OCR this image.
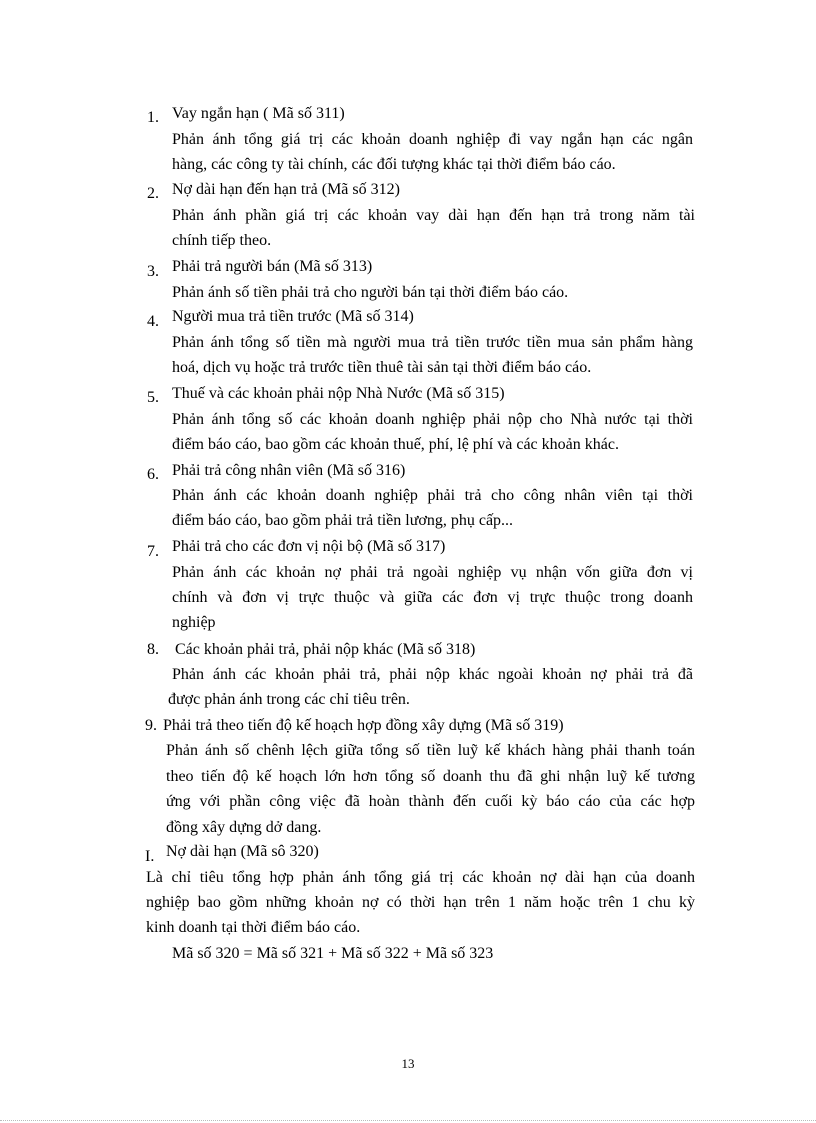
1. Vay ngắn hạn ( Mã số 311)
Phản ánh tổng giá trị các khoản doanh nghiệp đi vay ngắn hạn các ngân
hàng, các công ty tài chính, các đối tượng khác tại thời điểm báo cáo.
2. Nợ dài hạn đến hạn trả (Mã số 312)
Phản ánh phần giá trị các khoản vay dài hạn đến hạn trả trong năm tài
chính tiếp theo.
3. Phải trả người bán (Mã số 313)
Phản ánh số tiền phải trả cho người bán tại thời điểm báo cáo.
4. Người mua trả tiền trước (Mã số 314)
Phản ánh tổng số tiền mà người mua trả tiền trước tiền mua sản phẩm hàng
hoá, dịch vụ hoặc trả trước tiền thuê tài sản tại thời điểm báo cáo.
5. Thuế và các khoản phải nộp Nhà Nước (Mã số 315)
Phản ánh tổng số các khoản doanh nghiệp phải nộp cho Nhà nước tại thời
điểm báo cáo, bao gồm các khoản thuế, phí, lệ phí và các khoản khác.
6. Phải trả công nhân viên (Mã số 316)
Phản ánh các khoản doanh nghiệp phải trả cho công nhân viên tại thời
điểm báo cáo, bao gồm phải trả tiền lương, phụ cấp...
7. Phải trả cho các đơn vị nội bộ (Mã số 317)
Phản ánh các khoản nợ phải trả ngoài nghiệp vụ nhận vốn giữa đơn vị
chính và đơn vị trực thuộc và giữa các đơn vị trực thuộc trong doanh
nghiệp
8. Các khoản phải trả, phải nộp khác (Mã số 318)
Phản ánh các khoản phải trả, phải nộp khác ngoài khoản nợ phải trả đã
được phản ánh trong các chỉ tiêu trên.
9. Phải trả theo tiến độ kế hoạch hợp đồng xây dựng (Mã số 319)
Phản ánh số chênh lệch giữa tổng số tiền luỹ kế khách hàng phải thanh toán
theo tiến độ kế hoạch lớn hơn tổng số doanh thu đã ghi nhận luỹ kế tương
ứng với phần công việc đã hoàn thành đến cuối kỳ báo cáo của các hợp
đồng xây dựng dở dang.
I. Nợ dài hạn (Mã sô 320)
Là chỉ tiêu tổng hợp phản ánh tổng giá trị các khoản nợ dài hạn của doanh
nghiệp bao gồm những khoản nợ có thời hạn trên 1 năm hoặc trên 1 chu kỳ
kinh doanh tại thời điểm báo cáo.
Mã số 320 = Mã số 321 + Mã số 322 + Mã số 323
13
